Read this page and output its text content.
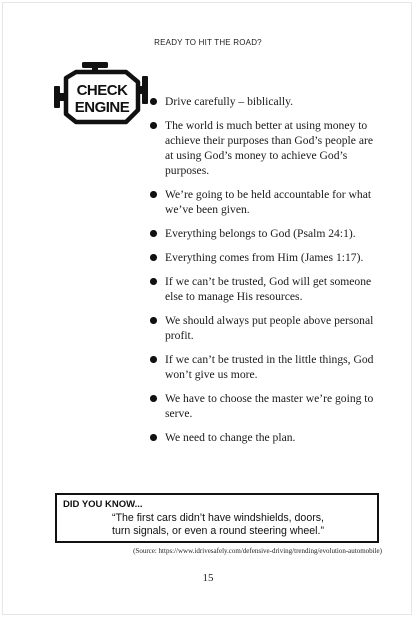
READY TO HIT THE ROAD?
CHECK
ENGINE	Drive carefully – biblically.
The world is much better at using money to achieve their purposes than God’s people are at using God’s money to achieve God’s purposes.
We’re going to be held accountable for what we’ve been given.
Everything belongs to God (Psalm 24:1).
Everything comes from Him (James 1:17).
If we can’t be trusted, God will get someone else to manage His resources.
We should always put people above personal profit.
If we can’t be trusted in the little things, God won’t give us more.
We have to choose the master we’re going to serve.
We need to change the plan.
DID YOU KNOW...
“The first cars didn’t have windshields, doors,
turn signals, or even a round steering wheel.”
(Source: https://www.idrivesafely.com/defensive-driving/trending/evolution-automobile)
15
